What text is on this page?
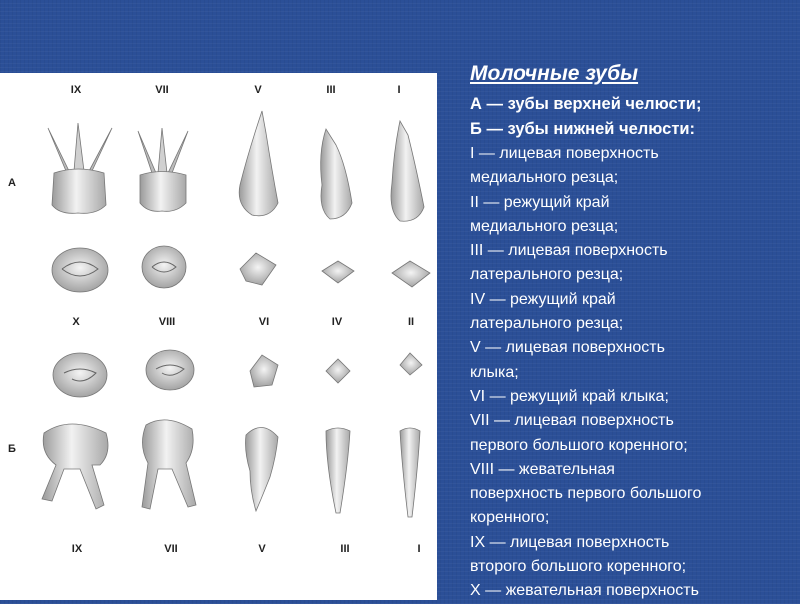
IX	VII	V	III	I
А
Б
X	VIII	VI	IV	II
IX	VII	V	III	I
Молочные зубы
А — зубы верхней челюсти;
Б — зубы нижней челюсти:
I — лицевая поверхность
медиального резца;
II — режущий край
медиального резца;
III — лицевая поверхность
латерального резца;
IV — режущий край
латерального резца;
V — лицевая поверхность
клыка;
VI — режущий край клыка;
VII — лицевая поверхность
первого большого коренного;
VIII — жевательная
поверхность первого большого
коренного;
IX — лицевая поверхность
второго большого коренного;
X — жевательная поверхность
